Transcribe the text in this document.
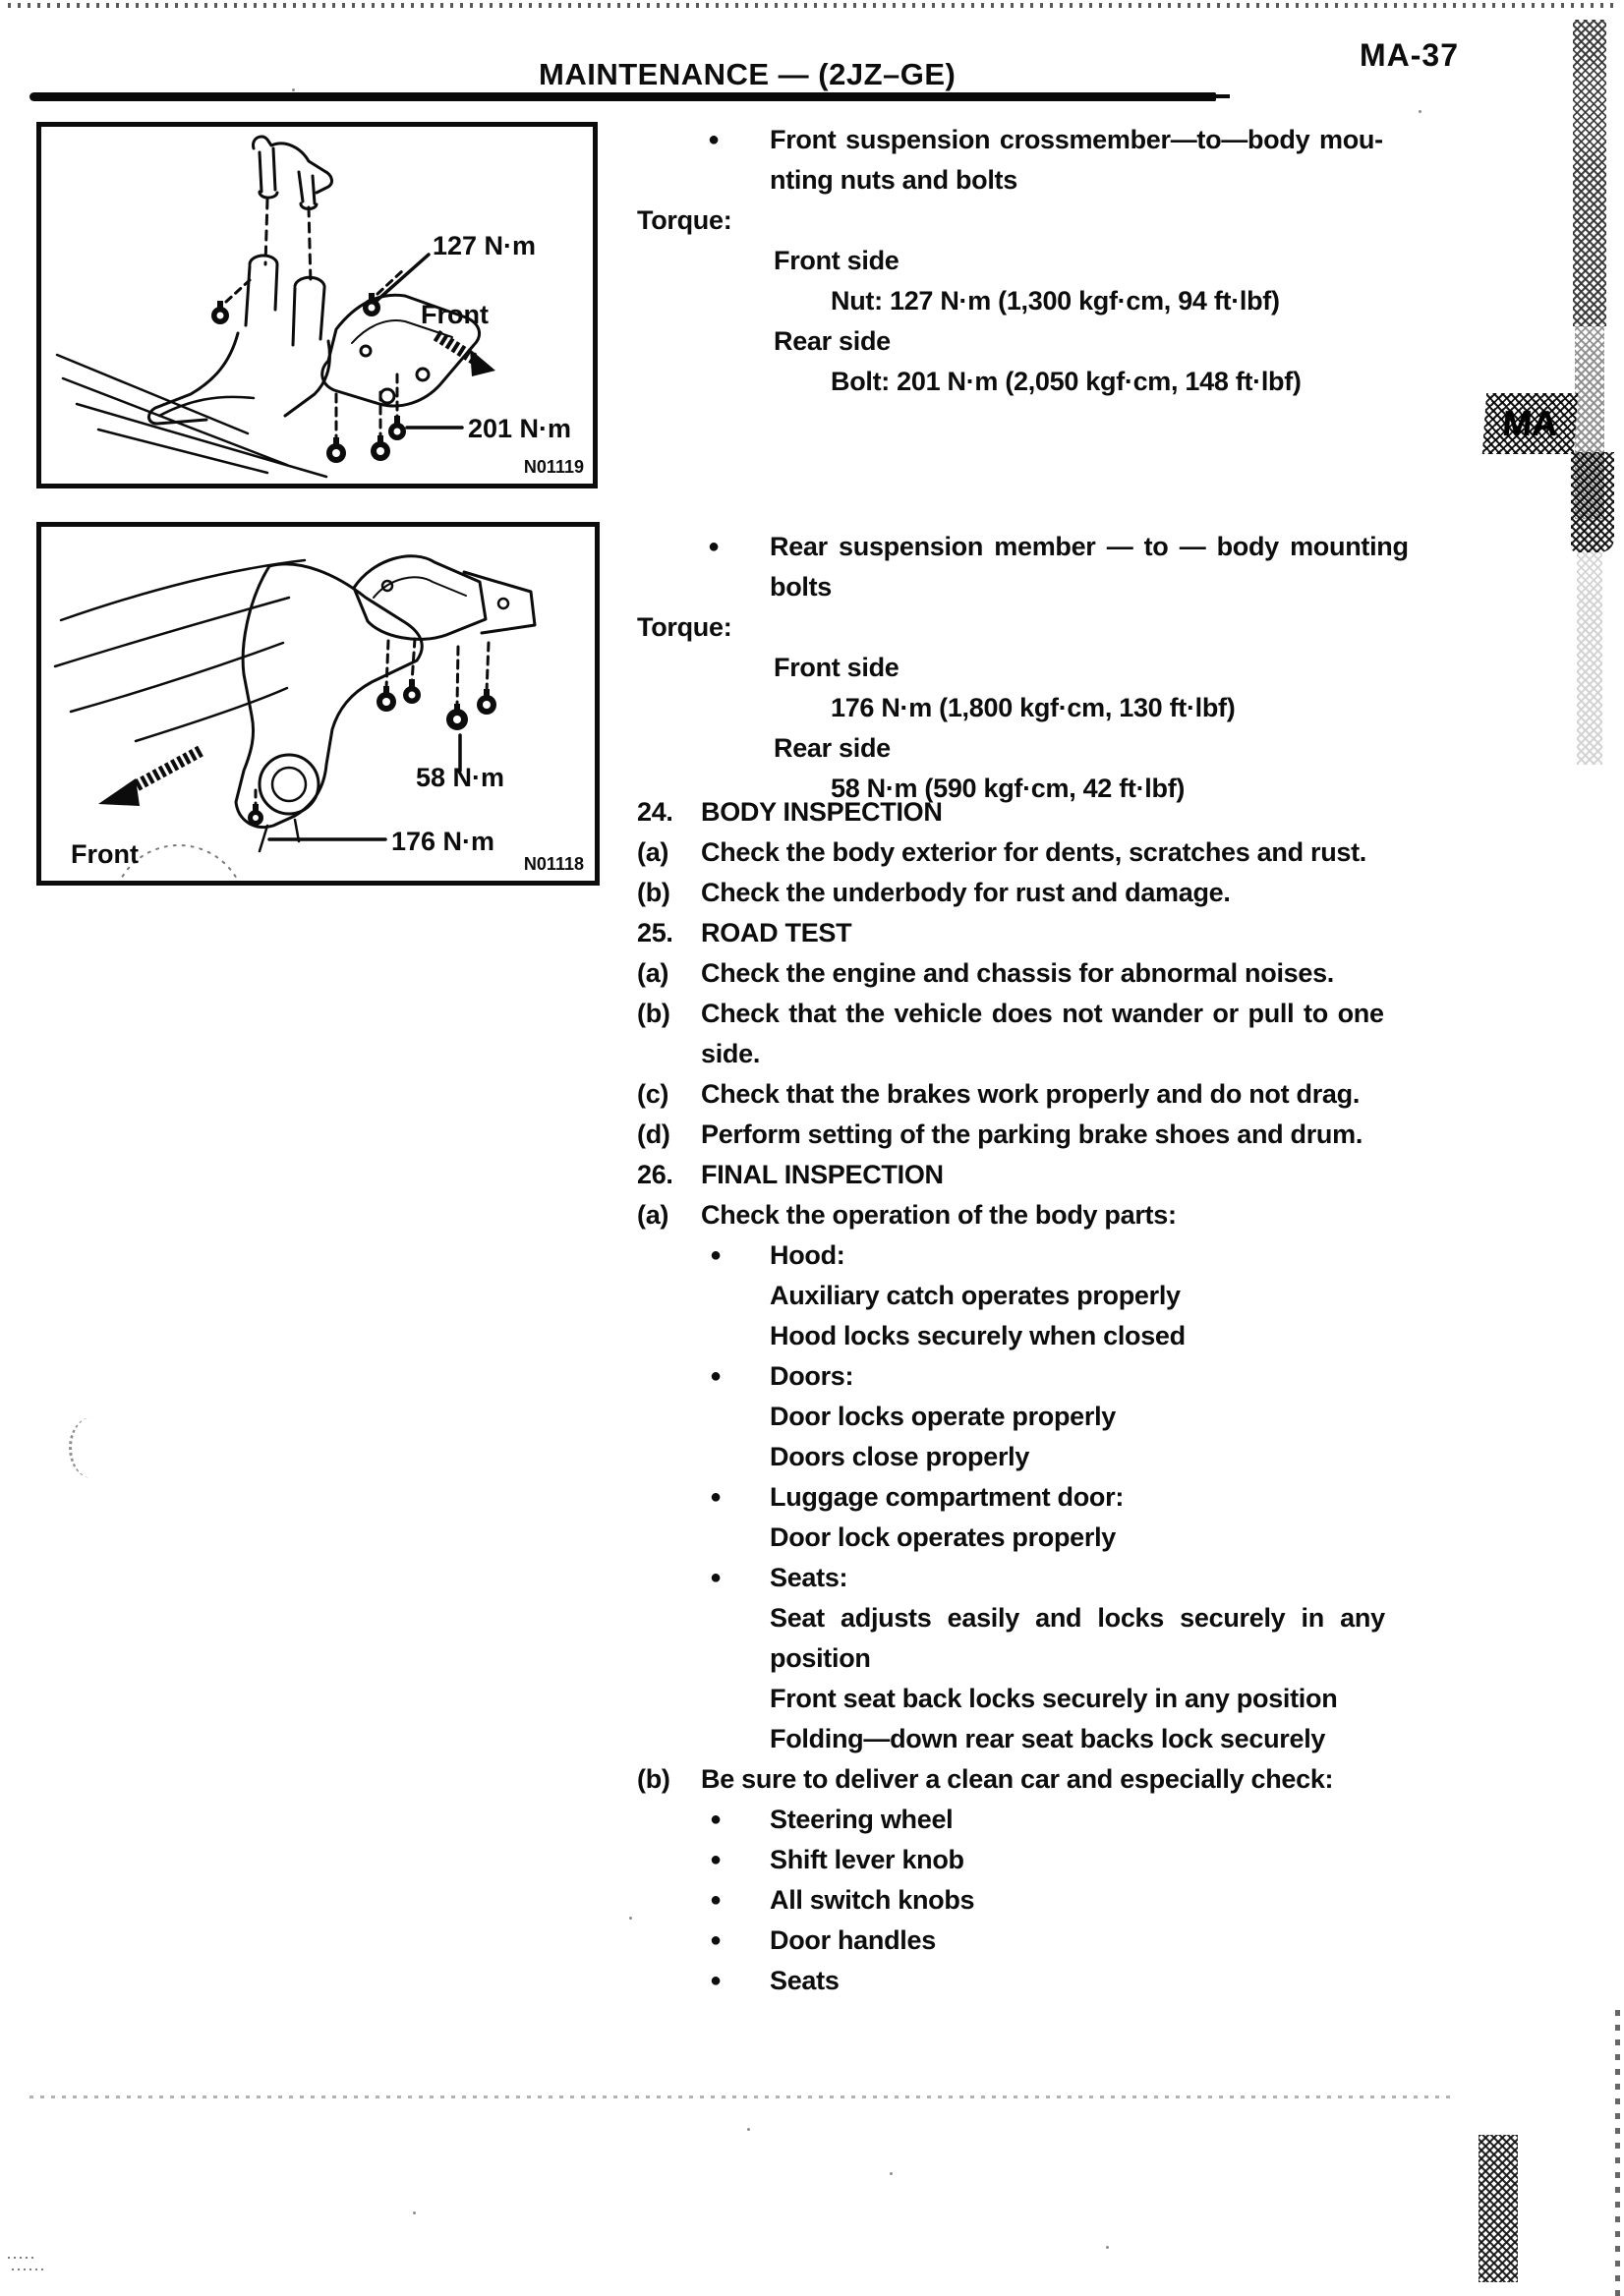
MA
MAINTENANCE — (2JZ–GE)
MA-37
127 N·m
Front
201 N·m
N01119
58 N·m
Front	176 N·m
N01118
●	Front suspension crossmember—to—body mou-
nting nuts and bolts
Torque:
Front side
Nut: 127 N·m (1,300 kgf·cm, 94 ft·lbf)
Rear side
Bolt: 201 N·m (2,050 kgf·cm, 148 ft·lbf)
●	Rear suspension member — to — body mounting
bolts
Torque:
Front side
176 N·m (1,800 kgf·cm, 130 ft·lbf)
Rear side
58 N·m (590 kgf·cm, 42 ft·lbf)
24.	BODY INSPECTION
(a)	Check the body exterior for dents, scratches and rust.
(b)	Check the underbody for rust and damage.
25.	ROAD TEST
(a)	Check the engine and chassis for abnormal noises.
(b)	Check that the vehicle does not wander or pull to one
side.
(c)	Check that the brakes work properly and do not drag.
(d)	Perform setting of the parking brake shoes and drum.
26.	FINAL INSPECTION
(a)	Check the operation of the body parts:
●	Hood:
Auxiliary catch operates properly
Hood locks securely when closed
●	Doors:
Door locks operate properly
Doors close properly
●	Luggage compartment door:
Door lock operates properly
●	Seats:
Seat adjusts easily and locks securely in any
position
Front seat back locks securely in any position
Folding—down rear seat backs lock securely
(b)	Be sure to deliver a clean car and especially check:
●	Steering wheel
●	Shift lever knob
●	All switch knobs
●	Door handles
●	Seats
